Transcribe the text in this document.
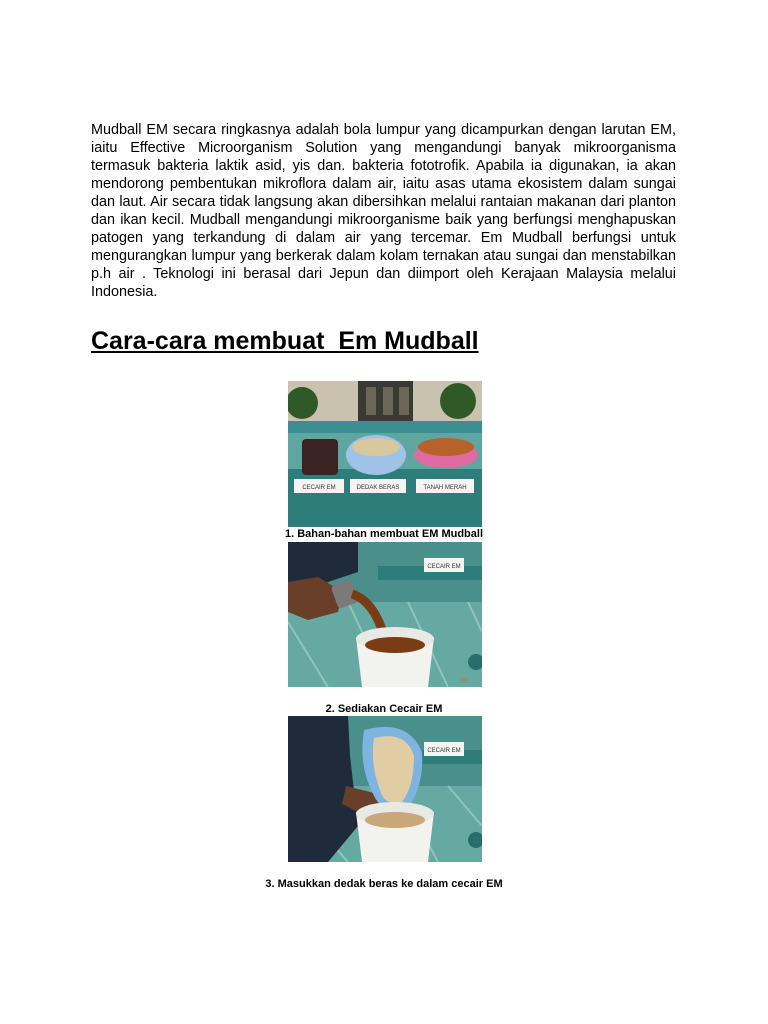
Mudball EM secara ringkasnya adalah bola lumpur yang dicampurkan dengan larutan EM, iaitu Effective Microorganism Solution yang mengandungi banyak mikroorganisma termasuk bakteria laktik asid, yis dan. bakteria fototrofik. Apabila ia digunakan, ia akan mendorong pembentukan mikroflora dalam air, iaitu asas utama ekosistem dalam sungai dan laut. Air secara tidak langsung akan dibersihkan melalui rantaian makanan dari planton dan ikan kecil. Mudball mengandungi mikroorganisme baik yang berfungsi menghapuskan patogen yang terkandung di dalam air yang tercemar. Em Mudball berfungsi untuk mengurangkan lumpur yang berkerak dalam kolam ternakan atau sungai dan menstabilkan p.h air . Teknologi ini berasal dari Jepun dan diimport oleh Kerajaan Malaysia melalui Indonesia.

Cara-cara membuat  Em Mudball
CECAIR EM	DEDAK BERAS	TANAH MERAH

1. Bahan-bahan membuat EM Mudball

CECAIR EM
'09

2. Sediakan Cecair EM

CECAIR EM

3. Masukkan dedak beras ke dalam cecair EM
